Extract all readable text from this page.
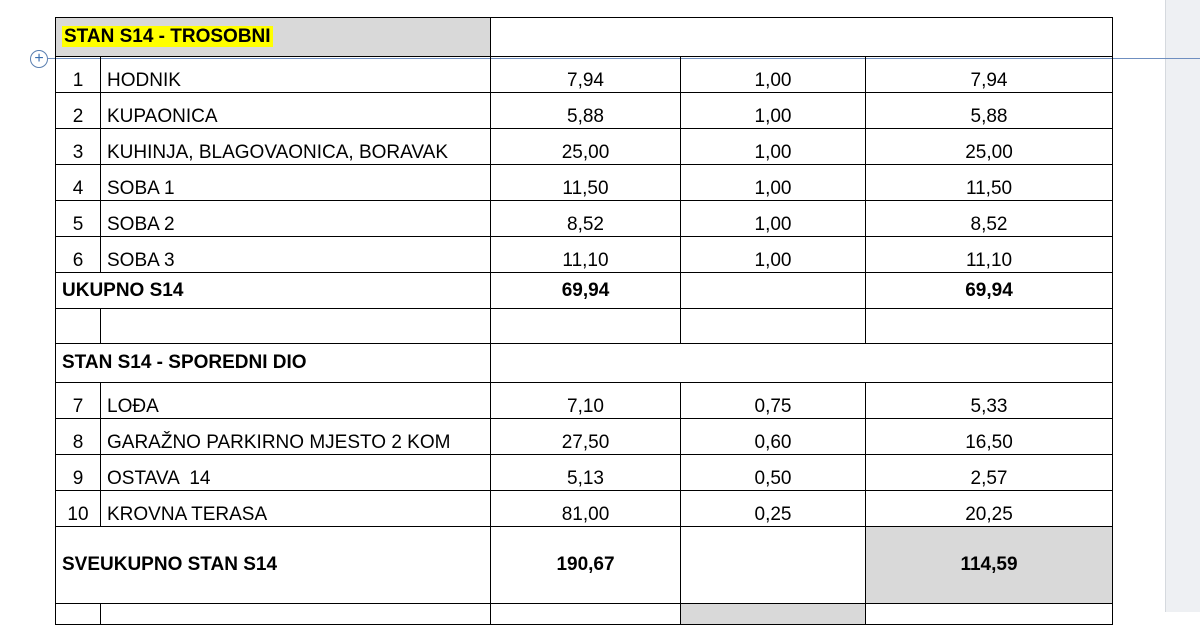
+
STAN S14 - TROSOBNI				
1	HODNIK	7,94	1,00	7,94
2	KUPAONICA	5,88	1,00	5,88
3	KUHINJA, BLAGOVAONICA, BORAVAK	25,00	1,00	25,00
4	SOBA 1	11,50	1,00	11,50
5	SOBA 2	8,52	1,00	8,52
6	SOBA 3	11,10	1,00	11,10
UKUPNO S14		69,94		69,94

STAN S14 - SPOREDNI DIO				
7	LOĐA	7,10	0,75	5,33
8	GARAŽNO PARKIRNO MJESTO 2 KOM	27,50	0,60	16,50
9	OSTAVA  14	5,13	0,50	2,57
10	KROVNA TERASA	81,00	0,25	20,25
SVEUKUPNO STAN S14		190,67		114,59
